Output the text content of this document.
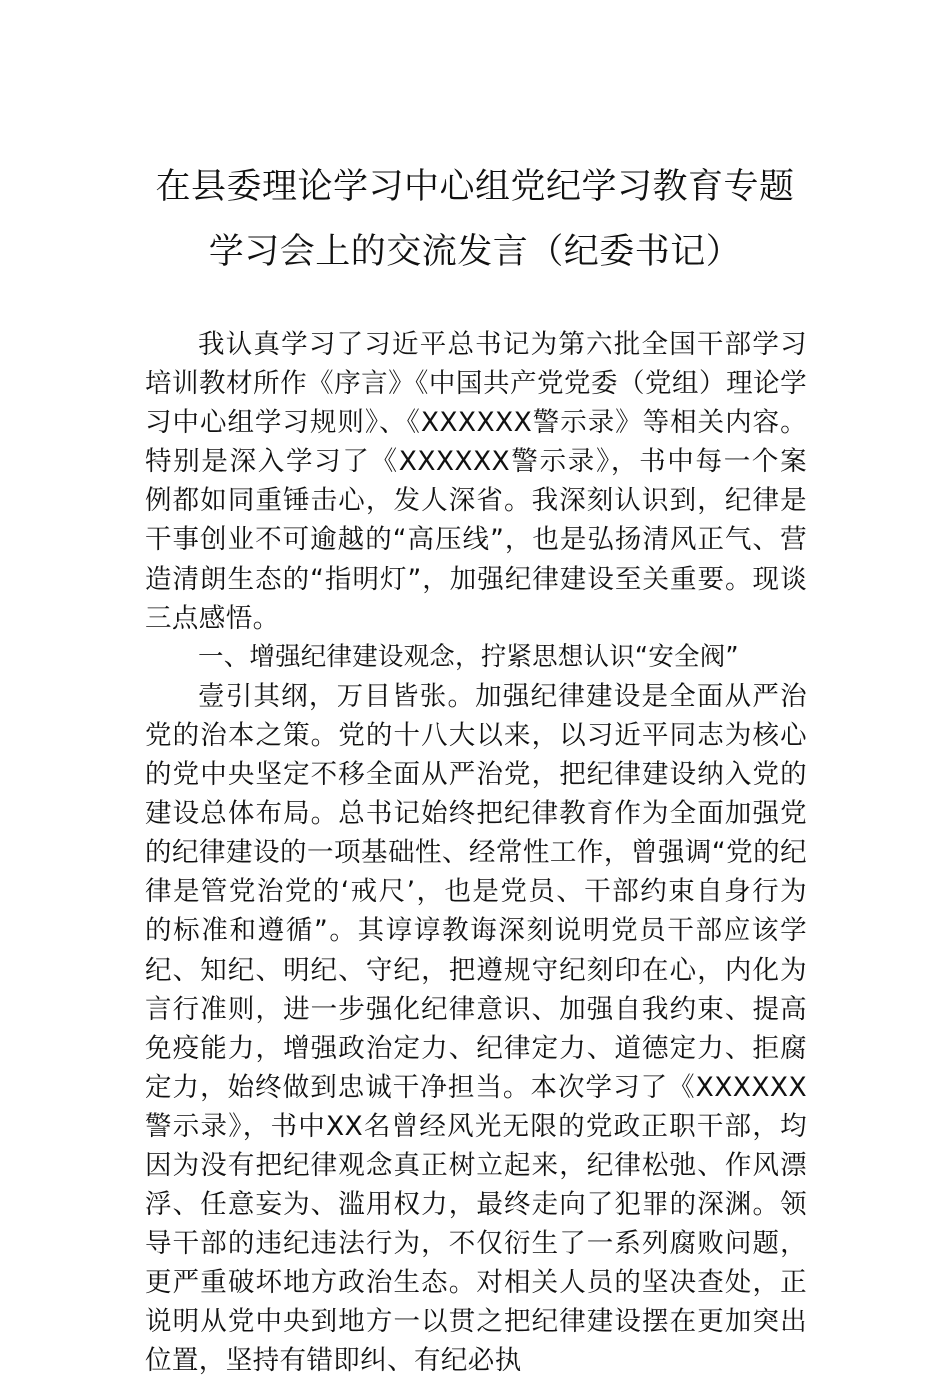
在县委理论学习中心组党纪学习教育专题
学习会上的交流发言（纪委书记）

我认真学习了习近平总书记为第六批全国干部学习培训教材所作《序言》《中国共产党党委（党组）理论学习中心组学习规则》、《XXXXXX警示录》等相关内容。特别是深入学习了《XXXXXX警示录》，书中每一个案例都如同重锤击心，发人深省。我深刻认识到，纪律是干事创业不可逾越的“高压线”，也是弘扬清风正气、营造清朗生态的“指明灯”，加强纪律建设至关重要。现谈三点感悟。

一、增强纪律建设观念，拧紧思想认识“安全阀”

壹引其纲，万目皆张。加强纪律建设是全面从严治党的治本之策。党的十八大以来，以习近平同志为核心的党中央坚定不移全面从严治党，把纪律建设纳入党的建设总体布局。总书记始终把纪律教育作为全面加强党的纪律建设的一项基础性、经常性工作，曾强调“党的纪律是管党治党的‘戒尺’，也是党员、干部约束自身行为的标准和遵循”。其谆谆教诲深刻说明党员干部应该学纪、知纪、明纪、守纪，把遵规守纪刻印在心，内化为言行准则，进一步强化纪律意识、加强自我约束、提高免疫能力，增强政治定力、纪律定力、道德定力、拒腐定力，始终做到忠诚干净担当。本次学习了《XXXXXX警示录》，书中XX名曾经风光无限的党政正职干部，均因为没有把纪律观念真正树立起来，纪律松弛、作风漂浮、任意妄为、滥用权力，最终走向了犯罪的深渊。领导干部的违纪违法行为，不仅衍生了一系列腐败问题，更严重破坏地方政治生态。对相关人员的坚决查处，正说明从党中央到地方一以贯之把纪律建设摆在更加突出位置，坚持有错即纠、有纪必执
